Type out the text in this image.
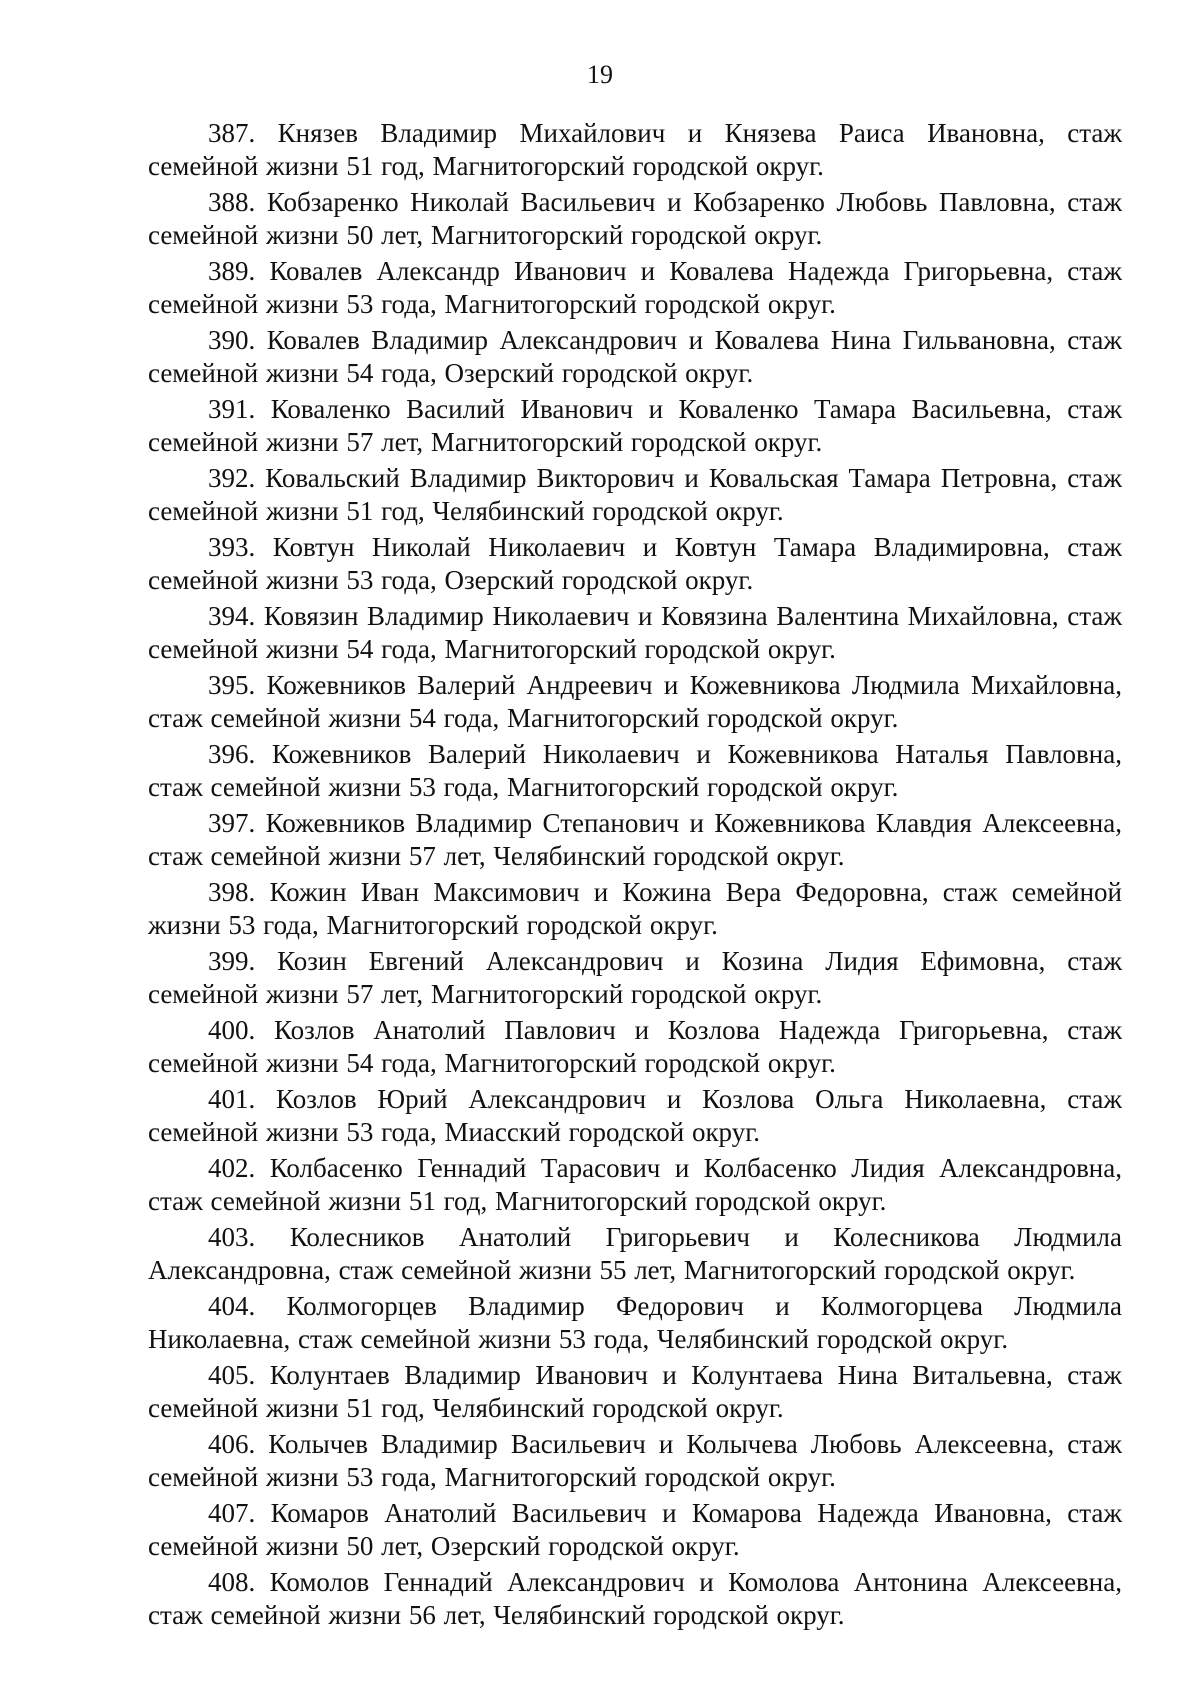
19

387. Князев Владимир Михайлович и Князева Раиса Ивановна, стаж семейной жизни 51 год, Магнитогорский городской округ.

388. Кобзаренко Николай Васильевич и Кобзаренко Любовь Павловна, стаж семейной жизни 50 лет, Магнитогорский городской округ.

389. Ковалев Александр Иванович и Ковалева Надежда Григорьевна, стаж семейной жизни 53 года, Магнитогорский городской округ.

390. Ковалев Владимир Александрович и Ковалева Нина Гильвановна, стаж семейной жизни 54 года, Озерский городской округ.

391. Коваленко Василий Иванович и Коваленко Тамара Васильевна, стаж семейной жизни 57 лет, Магнитогорский городской округ.

392. Ковальский Владимир Викторович и Ковальская Тамара Петровна, стаж семейной жизни 51 год, Челябинский городской округ.

393. Ковтун Николай Николаевич и Ковтун Тамара Владимировна, стаж семейной жизни 53 года, Озерский городской округ.

394. Ковязин Владимир Николаевич и Ковязина Валентина Михайловна, стаж семейной жизни 54 года, Магнитогорский городской округ.

395. Кожевников Валерий Андреевич и Кожевникова Людмила Михайловна, стаж семейной жизни 54 года, Магнитогорский городской округ.

396. Кожевников Валерий Николаевич и Кожевникова Наталья Павловна, стаж семейной жизни 53 года, Магнитогорский городской округ.

397. Кожевников Владимир Степанович и Кожевникова Клавдия Алексеевна, стаж семейной жизни 57 лет, Челябинский городской округ.

398. Кожин Иван Максимович и Кожина Вера Федоровна, стаж семейной жизни 53 года, Магнитогорский городской округ.

399. Козин Евгений Александрович и Козина Лидия Ефимовна, стаж семейной жизни 57 лет, Магнитогорский городской округ.

400. Козлов Анатолий Павлович и Козлова Надежда Григорьевна, стаж семейной жизни 54 года, Магнитогорский городской округ.

401. Козлов Юрий Александрович и Козлова Ольга Николаевна, стаж семейной жизни 53 года, Миасский городской округ.

402. Колбасенко Геннадий Тарасович и Колбасенко Лидия Александровна, стаж семейной жизни 51 год, Магнитогорский городской округ.

403. Колесников Анатолий Григорьевич и Колесникова Людмила Александровна, стаж семейной жизни 55 лет, Магнитогорский городской округ.

404. Колмогорцев Владимир Федорович и Колмогорцева Людмила Николаевна, стаж семейной жизни 53 года, Челябинский городской округ.

405. Колунтаев Владимир Иванович и Колунтаева Нина Витальевна, стаж семейной жизни 51 год, Челябинский городской округ.

406. Колычев Владимир Васильевич и Колычева Любовь Алексеевна, стаж семейной жизни 53 года, Магнитогорский городской округ.

407. Комаров Анатолий Васильевич и Комарова Надежда Ивановна, стаж семейной жизни 50 лет, Озерский городской округ.

408. Комолов Геннадий Александрович и Комолова Антонина Алексеевна, стаж семейной жизни 56 лет, Челябинский городской округ.
